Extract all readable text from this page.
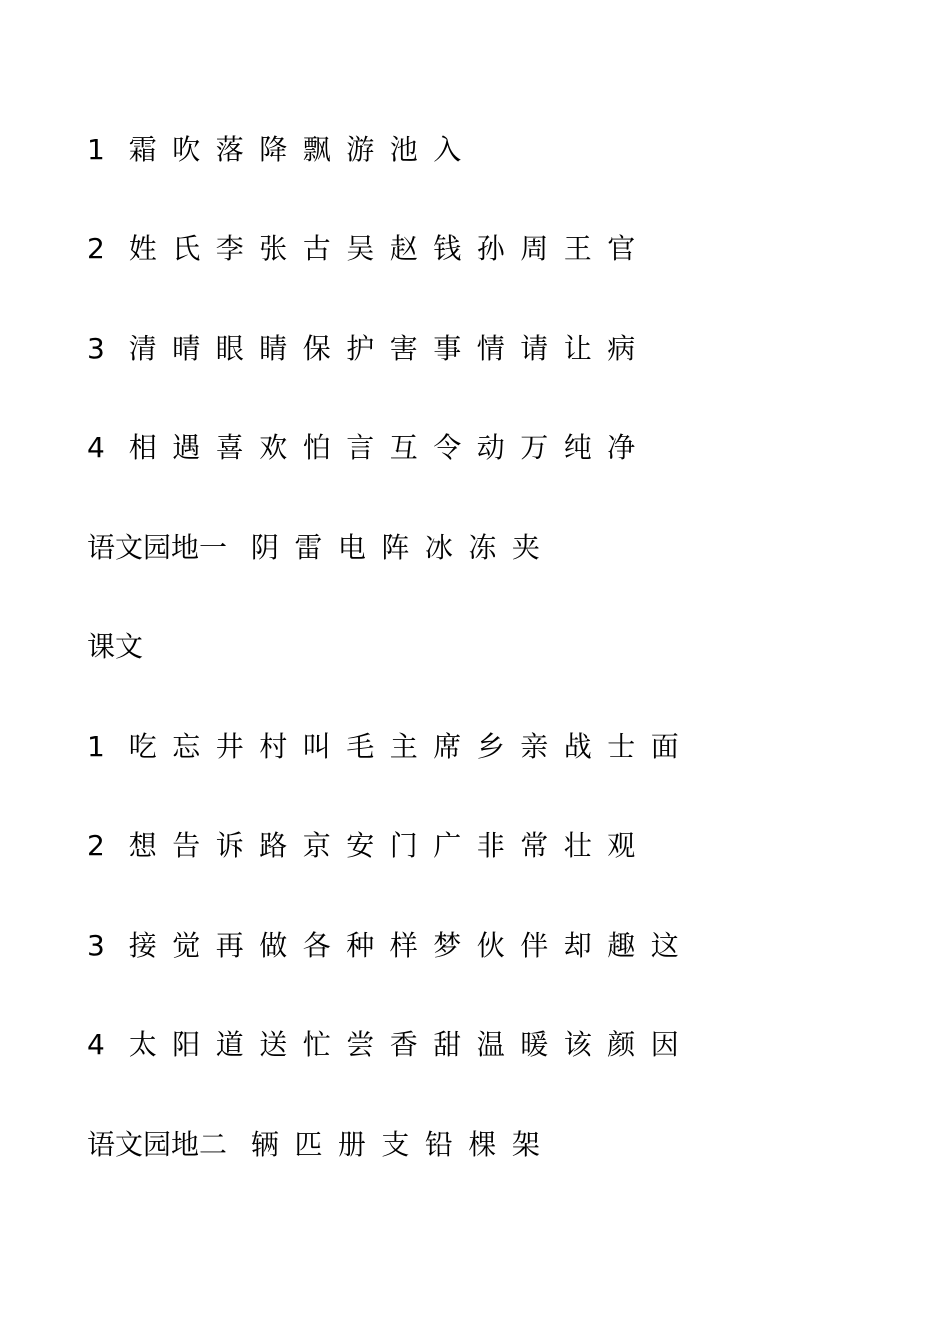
1 霜吹落降飘游池入
2 姓氏李张古吴赵钱孙周王官
3 清晴眼睛保护害事情请让病
4 相遇喜欢怕言互令动万纯净
语文园地一 阴雷电阵冰冻夹
课文
1 吃忘井村叫毛主席乡亲战士面
2 想告诉路京安门广非常壮观
3 接觉再做各种样梦伙伴却趣这
4 太阳道送忙尝香甜温暖该颜因
语文园地二 辆匹册支铅棵架
